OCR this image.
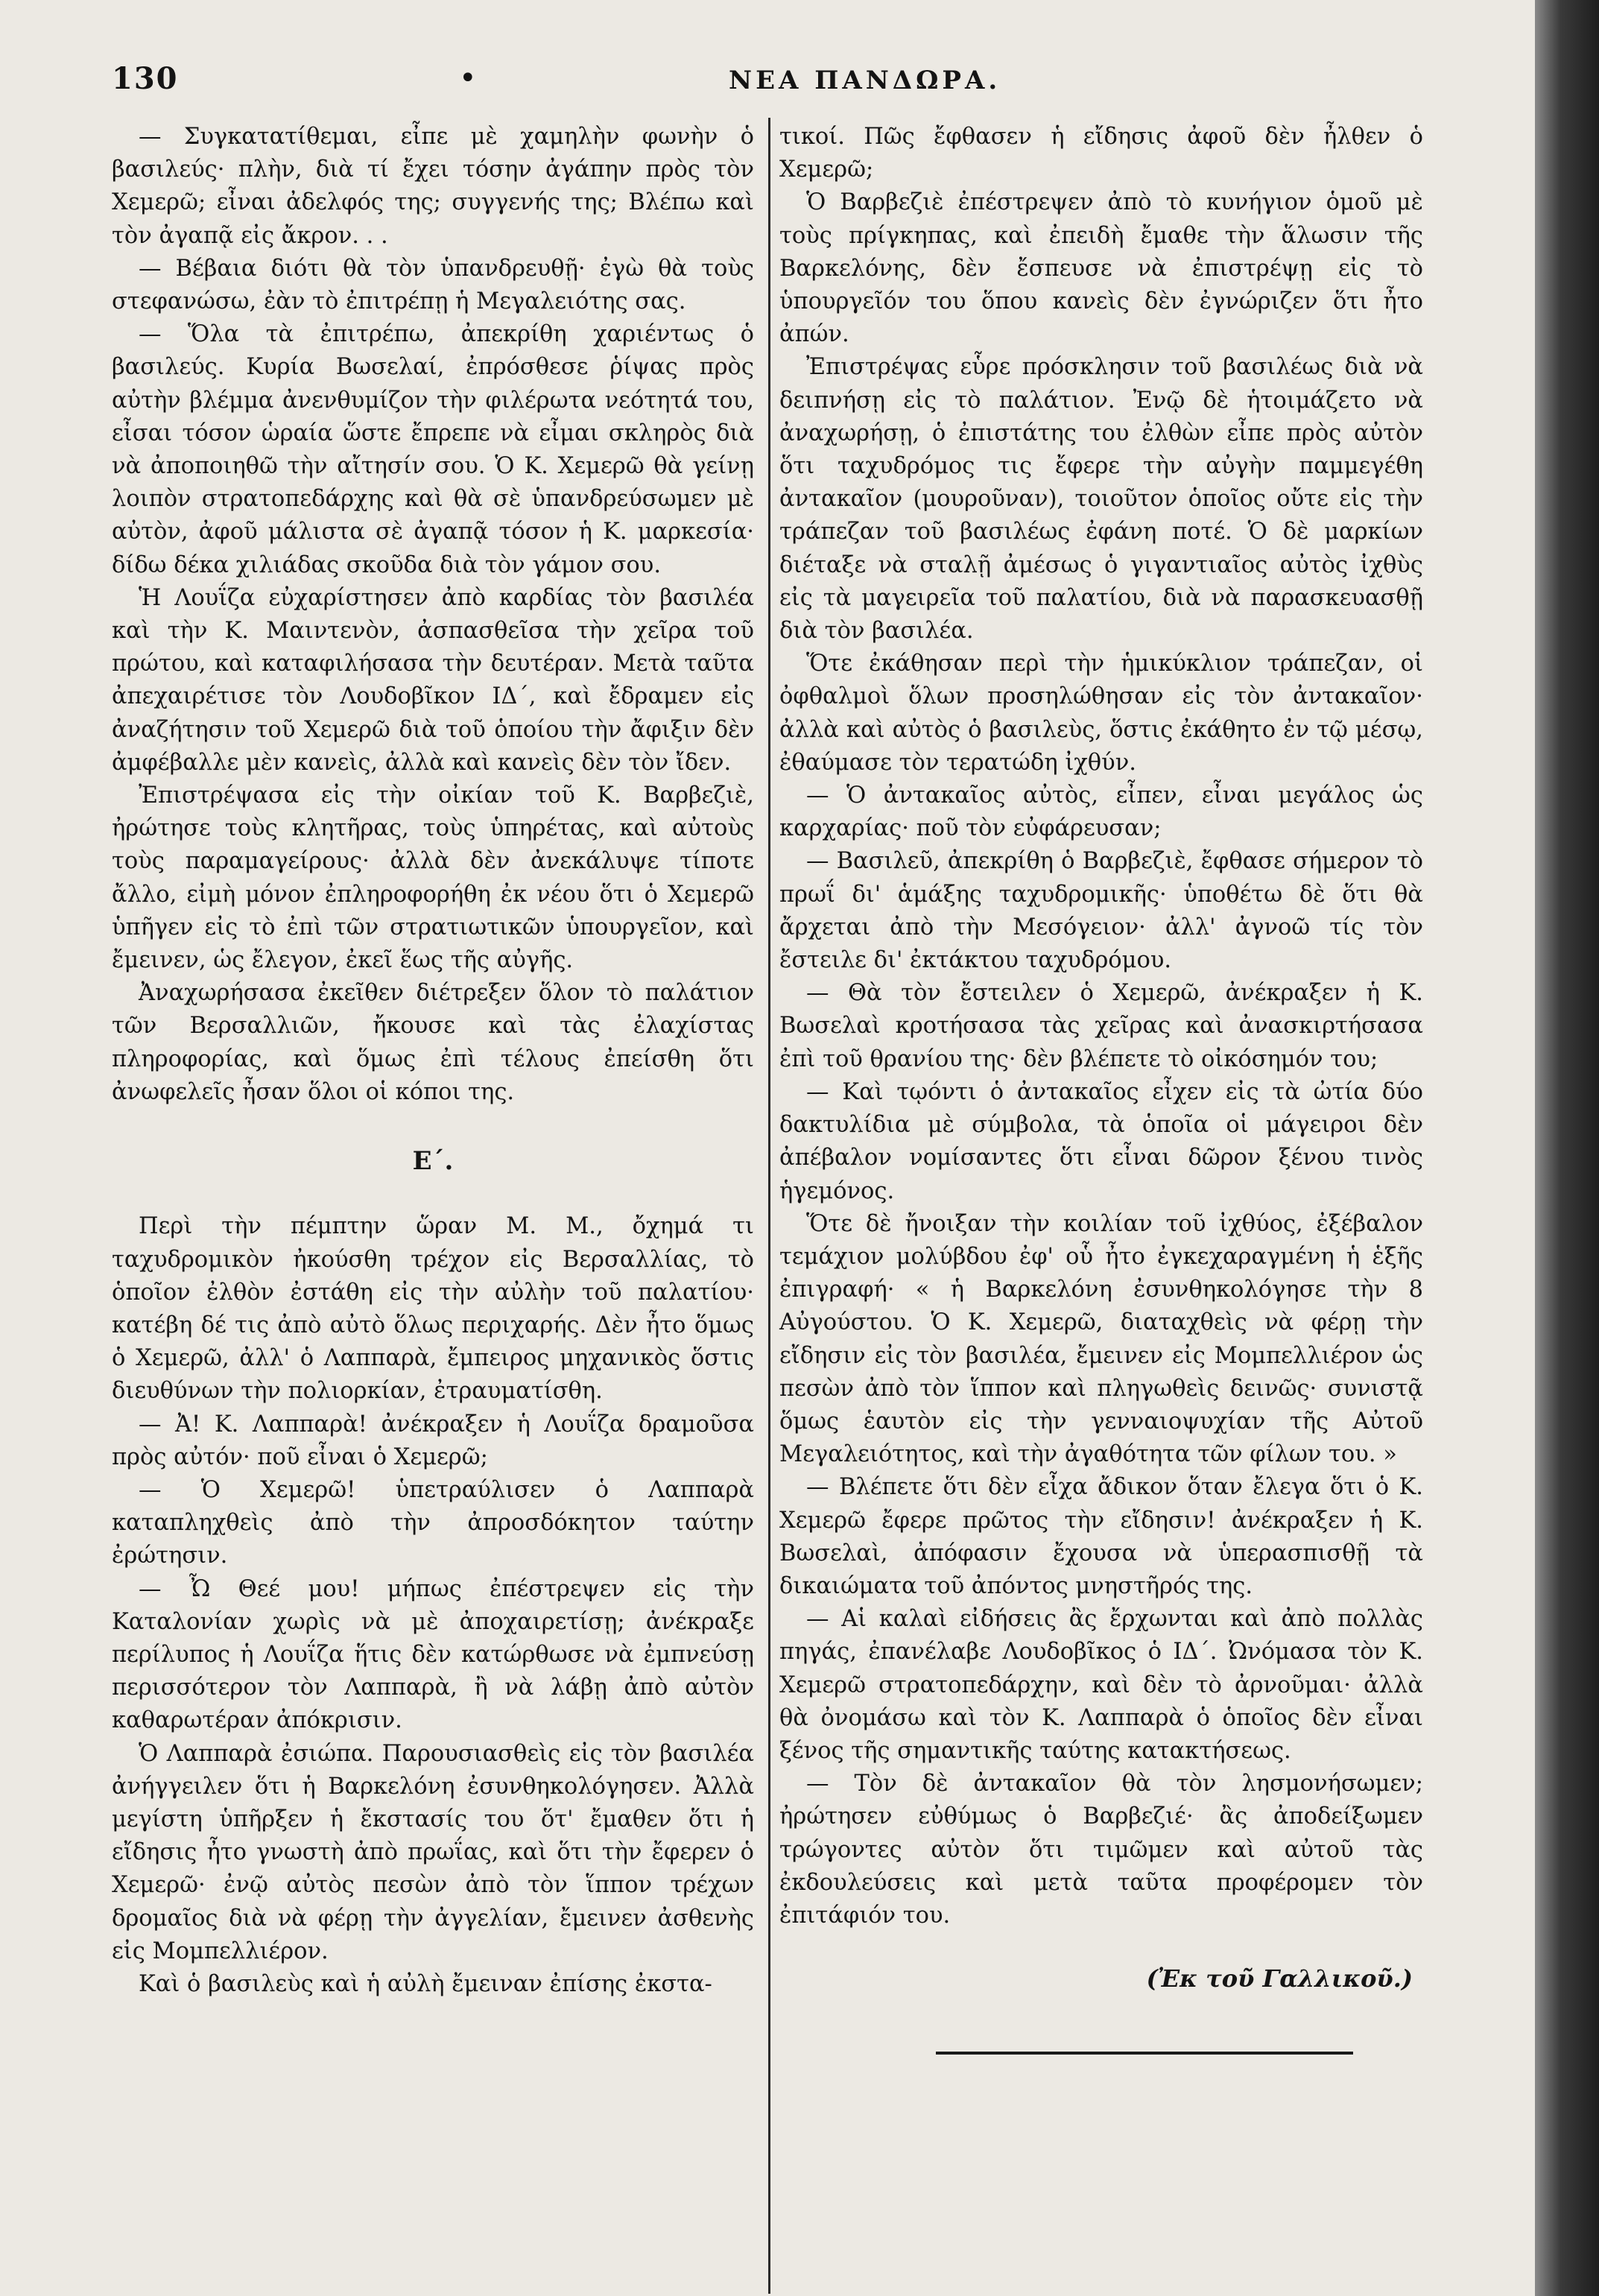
130	•	ΝΕΑ ΠΑΝΔΩΡΑ.

— Συγκατατίθεμαι, εἶπε μὲ χαμηλὴν φωνὴν ὁ βασιλεύς· πλὴν, διὰ τί ἔχει τόσην ἀγάπην πρὸς τὸν Χεμερῶ; εἶναι ἀδελφός της; συγγενής της; Βλέπω καὶ τὸν ἀγαπᾷ εἰς ἄκρον. . .

— Βέβαια διότι θὰ τὸν ὑπανδρευθῇ· ἐγὼ θὰ τοὺς στεφανώσω, ἐὰν τὸ ἐπιτρέπῃ ἡ Μεγαλειότης σας.

— Ὅλα τὰ ἐπιτρέπω, ἀπεκρίθη χαριέντως ὁ βασιλεύς. Κυρία Βωσελαί, ἐπρόσθεσε ῥίψας πρὸς αὐτὴν βλέμμα ἀνενθυμίζον τὴν φιλέρωτα νεότητά του, εἶσαι τόσον ὡραία ὥστε ἔπρεπε νὰ εἶμαι σκληρὸς διὰ νὰ ἀποποιηθῶ τὴν αἴτησίν σου. Ὁ Κ. Χεμερῶ θὰ γείνῃ λοιπὸν στρατοπεδάρχης καὶ θὰ σὲ ὑπανδρεύσωμεν μὲ αὐτὸν, ἀφοῦ μάλιστα σὲ ἀγαπᾷ τόσον ἡ Κ. μαρκεσία· δίδω δέκα χιλιάδας σκοῦδα διὰ τὸν γάμον σου.

Ἡ Λουΐζα εὐχαρίστησεν ἀπὸ καρδίας τὸν βασιλέα καὶ τὴν Κ. Μαιντενὸν, ἀσπασθεῖσα τὴν χεῖρα τοῦ πρώτου, καὶ καταφιλήσασα τὴν δευτέραν. Μετὰ ταῦτα ἀπεχαιρέτισε τὸν Λουδοβῖκον ΙΔ΄, καὶ ἔδραμεν εἰς ἀναζήτησιν τοῦ Χεμερῶ διὰ τοῦ ὁποίου τὴν ἄφιξιν δὲν ἀμφέβαλλε μὲν κανεὶς, ἀλλὰ καὶ κανεὶς δὲν τὸν ἴδεν.

Ἐπιστρέψασα εἰς τὴν οἰκίαν τοῦ Κ. Βαρβεζιὲ, ἠρώτησε τοὺς κλητῆρας, τοὺς ὑπηρέτας, καὶ αὐτοὺς τοὺς παραμαγείρους· ἀλλὰ δὲν ἀνεκάλυψε τίποτε ἄλλο, εἰμὴ μόνον ἐπληροφορήθη ἐκ νέου ὅτι ὁ Χεμερῶ ὑπῆγεν εἰς τὸ ἐπὶ τῶν στρατιωτικῶν ὑπουργεῖον, καὶ ἔμεινεν, ὡς ἔλεγον, ἐκεῖ ἕως τῆς αὐγῆς.

Ἀναχωρήσασα ἐκεῖθεν διέτρεξεν ὅλον τὸ παλάτιον τῶν Βερσαλλιῶν, ἤκουσε καὶ τὰς ἐλαχίστας πληροφορίας, καὶ ὅμως ἐπὶ τέλους ἐπείσθη ὅτι ἀνωφελεῖς ἦσαν ὅλοι οἱ κόποι της.

Ε΄.

Περὶ τὴν πέμπτην ὥραν Μ. Μ., ὄχημά τι ταχυδρομικὸν ἠκούσθη τρέχον εἰς Βερσαλλίας, τὸ ὁποῖον ἐλθὸν ἐστάθη εἰς τὴν αὐλὴν τοῦ παλατίου· κατέβη δέ τις ἀπὸ αὐτὸ ὅλως περιχαρής. Δὲν ἦτο ὅμως ὁ Χεμερῶ, ἀλλ' ὁ Λαππαρὰ, ἔμπειρος μηχανικὸς ὅστις διευθύνων τὴν πολιορκίαν, ἐτραυματίσθη.

— Ἀ! Κ. Λαππαρὰ! ἀνέκραξεν ἡ Λουΐζα δραμοῦσα πρὸς αὐτόν· ποῦ εἶναι ὁ Χεμερῶ;

— Ὁ Χεμερῶ! ὑπετραύλισεν ὁ Λαππαρὰ καταπληχθεὶς ἀπὸ τὴν ἀπροσδόκητον ταύτην ἐρώτησιν.

— Ὦ Θεέ μου! μήπως ἐπέστρεψεν εἰς τὴν Καταλονίαν χωρὶς νὰ μὲ ἀποχαιρετίσῃ; ἀνέκραξε περίλυπος ἡ Λουΐζα ἥτις δὲν κατώρθωσε νὰ ἐμπνεύσῃ περισσότερον τὸν Λαππαρὰ, ἢ νὰ λάβῃ ἀπὸ αὐτὸν καθαρωτέραν ἀπόκρισιν.

Ὁ Λαππαρὰ ἐσιώπα. Παρουσιασθεὶς εἰς τὸν βασιλέα ἀνήγγειλεν ὅτι ἡ Βαρκελόνη ἐσυνθηκολόγησεν. Ἀλλὰ μεγίστη ὑπῆρξεν ἡ ἔκστασίς του ὅτ' ἔμαθεν ὅτι ἡ εἴδησις ἦτο γνωστὴ ἀπὸ πρωΐας, καὶ ὅτι τὴν ἔφερεν ὁ Χεμερῶ· ἐνῷ αὐτὸς πεσὼν ἀπὸ τὸν ἵππον τρέχων δρομαῖος διὰ νὰ φέρῃ τὴν ἀγγελίαν, ἔμεινεν ἀσθενὴς εἰς Μομπελλιέρον.

Καὶ ὁ βασιλεὺς καὶ ἡ αὐλὴ ἔμειναν ἐπίσης ἐκστα-

τικοί. Πῶς ἔφθασεν ἡ εἴδησις ἀφοῦ δὲν ἦλθεν ὁ Χεμερῶ;

Ὁ Βαρβεζιὲ ἐπέστρεψεν ἀπὸ τὸ κυνήγιον ὁμοῦ μὲ τοὺς πρίγκηπας, καὶ ἐπειδὴ ἔμαθε τὴν ἅλωσιν τῆς Βαρκελόνης, δὲν ἔσπευσε νὰ ἐπιστρέψῃ εἰς τὸ ὑπουργεῖόν του ὅπου κανεὶς δὲν ἐγνώριζεν ὅτι ἦτο ἀπών.

Ἐπιστρέψας εὗρε πρόσκλησιν τοῦ βασιλέως διὰ νὰ δειπνήσῃ εἰς τὸ παλάτιον. Ἐνῷ δὲ ἡτοιμάζετο νὰ ἀναχωρήσῃ, ὁ ἐπιστάτης του ἐλθὼν εἶπε πρὸς αὐτὸν ὅτι ταχυδρόμος τις ἔφερε τὴν αὐγὴν παμμεγέθη ἀντακαῖον (μουροῦναν), τοιοῦτον ὁποῖος οὔτε εἰς τὴν τράπεζαν τοῦ βασιλέως ἐφάνη ποτέ. Ὁ δὲ μαρκίων διέταξε νὰ σταλῇ ἀμέσως ὁ γιγαντιαῖος αὐτὸς ἰχθὺς εἰς τὰ μαγειρεῖα τοῦ παλατίου, διὰ νὰ παρασκευασθῇ διὰ τὸν βασιλέα.

Ὅτε ἐκάθησαν περὶ τὴν ἡμικύκλιον τράπεζαν, οἱ ὀφθαλμοὶ ὅλων προσηλώθησαν εἰς τὸν ἀντακαῖον· ἀλλὰ καὶ αὐτὸς ὁ βασιλεὺς, ὅστις ἐκάθητο ἐν τῷ μέσῳ, ἐθαύμασε τὸν τερατώδη ἰχθύν.

— Ὁ ἀντακαῖος αὐτὸς, εἶπεν, εἶναι μεγάλος ὡς καρχαρίας· ποῦ τὸν εὐφάρευσαν;

— Βασιλεῦ, ἀπεκρίθη ὁ Βαρβεζιὲ, ἔφθασε σήμερον τὸ πρωΐ δι' ἁμάξης ταχυδρομικῆς· ὑποθέτω δὲ ὅτι θὰ ἄρχεται ἀπὸ τὴν Μεσόγειον· ἀλλ' ἀγνοῶ τίς τὸν ἔστειλε δι' ἐκτάκτου ταχυδρόμου.

— Θὰ τὸν ἔστειλεν ὁ Χεμερῶ, ἀνέκραξεν ἡ Κ. Βωσελαὶ κροτήσασα τὰς χεῖρας καὶ ἀνασκιρτήσασα ἐπὶ τοῦ θρανίου της· δὲν βλέπετε τὸ οἰκόσημόν του;

— Καὶ τῳόντι ὁ ἀντακαῖος εἶχεν εἰς τὰ ὠτία δύο δακτυλίδια μὲ σύμβολα, τὰ ὁποῖα οἱ μάγειροι δὲν ἀπέβαλον νομίσαντες ὅτι εἶναι δῶρον ξένου τινὸς ἡγεμόνος.

Ὅτε δὲ ἤνοιξαν τὴν κοιλίαν τοῦ ἰχθύος, ἐξέβαλον τεμάχιον μολύβδου ἐφ' οὗ ἦτο ἐγκεχαραγμένη ἡ ἑξῆς ἐπιγραφή· « ἡ Βαρκελόνη ἐσυνθηκολόγησε τὴν 8 Αὐγούστου. Ὁ Κ. Χεμερῶ, διαταχθεὶς νὰ φέρῃ τὴν εἴδησιν εἰς τὸν βασιλέα, ἔμεινεν εἰς Μομπελλιέρον ὡς πεσὼν ἀπὸ τὸν ἵππον καὶ πληγωθεὶς δεινῶς· συνιστᾷ ὅμως ἑαυτὸν εἰς τὴν γενναιοψυχίαν τῆς Αὐτοῦ Μεγαλειότητος, καὶ τὴν ἀγαθότητα τῶν φίλων του. »

— Βλέπετε ὅτι δὲν εἶχα ἄδικον ὅταν ἔλεγα ὅτι ὁ Κ. Χεμερῶ ἔφερε πρῶτος τὴν εἴδησιν! ἀνέκραξεν ἡ Κ. Βωσελαὶ, ἀπόφασιν ἔχουσα νὰ ὑπερασπισθῇ τὰ δικαιώματα τοῦ ἀπόντος μνηστῆρός της.

— Αἱ καλαὶ εἰδήσεις ἂς ἔρχωνται καὶ ἀπὸ πολλὰς πηγάς, ἐπανέλαβε Λουδοβῖκος ὁ ΙΔ΄. Ὠνόμασα τὸν Κ. Χεμερῶ στρατοπεδάρχην, καὶ δὲν τὸ ἀρνοῦμαι· ἀλλὰ θὰ ὀνομάσω καὶ τὸν Κ. Λαππαρὰ ὁ ὁποῖος δὲν εἶναι ξένος τῆς σημαντικῆς ταύτης κατακτήσεως.

— Τὸν δὲ ἀντακαῖον θὰ τὸν λησμονήσωμεν; ἠρώτησεν εὐθύμως ὁ Βαρβεζιέ· ἂς ἀποδείξωμεν τρώγοντες αὐτὸν ὅτι τιμῶμεν καὶ αὐτοῦ τὰς ἐκδουλεύσεις καὶ μετὰ ταῦτα προφέρομεν τὸν ἐπιτάφιόν του.

(Ἐκ τοῦ Γαλλικοῦ.)
